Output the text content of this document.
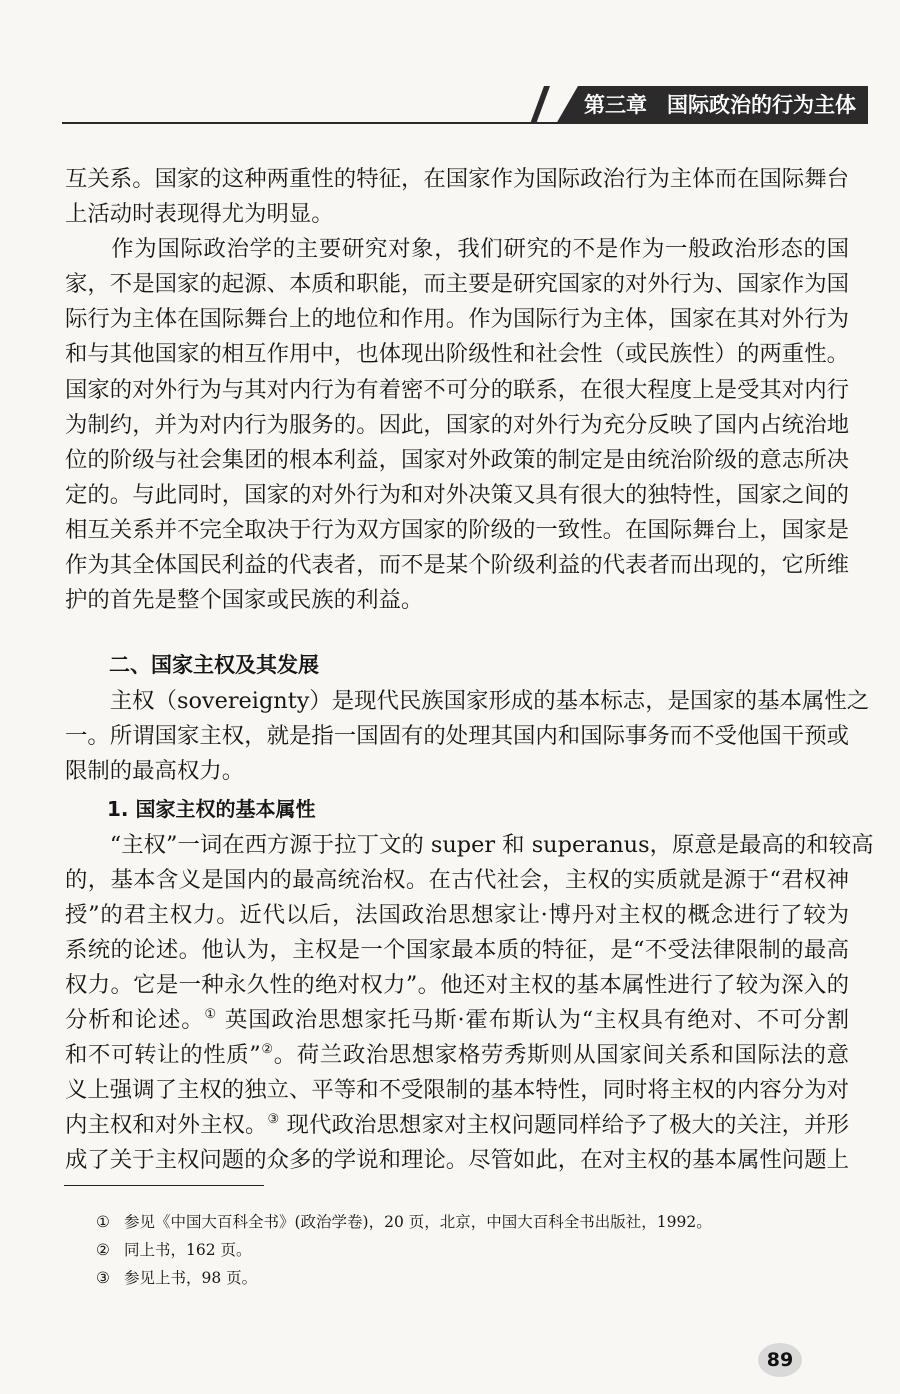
第三章 国际政治的行为主体

互关系。国家的这种两重性的特征，在国家作为国际政治行为主体而在国际舞台
上活动时表现得尤为明显。

　　作为国际政治学的主要研究对象，我们研究的不是作为一般政治形态的国
家，不是国家的起源、本质和职能，而主要是研究国家的对外行为、国家作为国
际行为主体在国际舞台上的地位和作用。作为国际行为主体，国家在其对外行为
和与其他国家的相互作用中，也体现出阶级性和社会性（或民族性）的两重性。
国家的对外行为与其对内行为有着密不可分的联系，在很大程度上是受其对内行
为制约，并为对内行为服务的。因此，国家的对外行为充分反映了国内占统治地
位的阶级与社会集团的根本利益，国家对外政策的制定是由统治阶级的意志所决
定的。与此同时，国家的对外行为和对外决策又具有很大的独特性，国家之间的
相互关系并不完全取决于行为双方国家的阶级的一致性。在国际舞台上，国家是
作为其全体国民利益的代表者，而不是某个阶级利益的代表者而出现的，它所维
护的首先是整个国家或民族的利益。

二、国家主权及其发展

　　主权（sovereignty）是现代民族国家形成的基本标志，是国家的基本属性之
一。所谓国家主权，就是指一国固有的处理其国内和国际事务而不受他国干预或
限制的最高权力。

1. 国家主权的基本属性

　　“主权”一词在西方源于拉丁文的 super 和 superanus，原意是最高的和较高
的，基本含义是国内的最高统治权。在古代社会，主权的实质就是源于“君权神
授”的君主权力。近代以后，法国政治思想家让·博丹对主权的概念进行了较为
系统的论述。他认为，主权是一个国家最本质的特征，是“不受法律限制的最高
权力。它是一种永久性的绝对权力”。他还对主权的基本属性进行了较为深入的
分析和论述。① 英国政治思想家托马斯·霍布斯认为“主权具有绝对、不可分割
和不可转让的性质”②。荷兰政治思想家格劳秀斯则从国家间关系和国际法的意
义上强调了主权的独立、平等和不受限制的基本特性，同时将主权的内容分为对
内主权和对外主权。③ 现代政治思想家对主权问题同样给予了极大的关注，并形
成了关于主权问题的众多的学说和理论。尽管如此，在对主权的基本属性问题上

① 参见《中国大百科全书》(政治学卷)，20 页，北京，中国大百科全书出版社，1992。
② 同上书，162 页。
③ 参见上书，98 页。
89
